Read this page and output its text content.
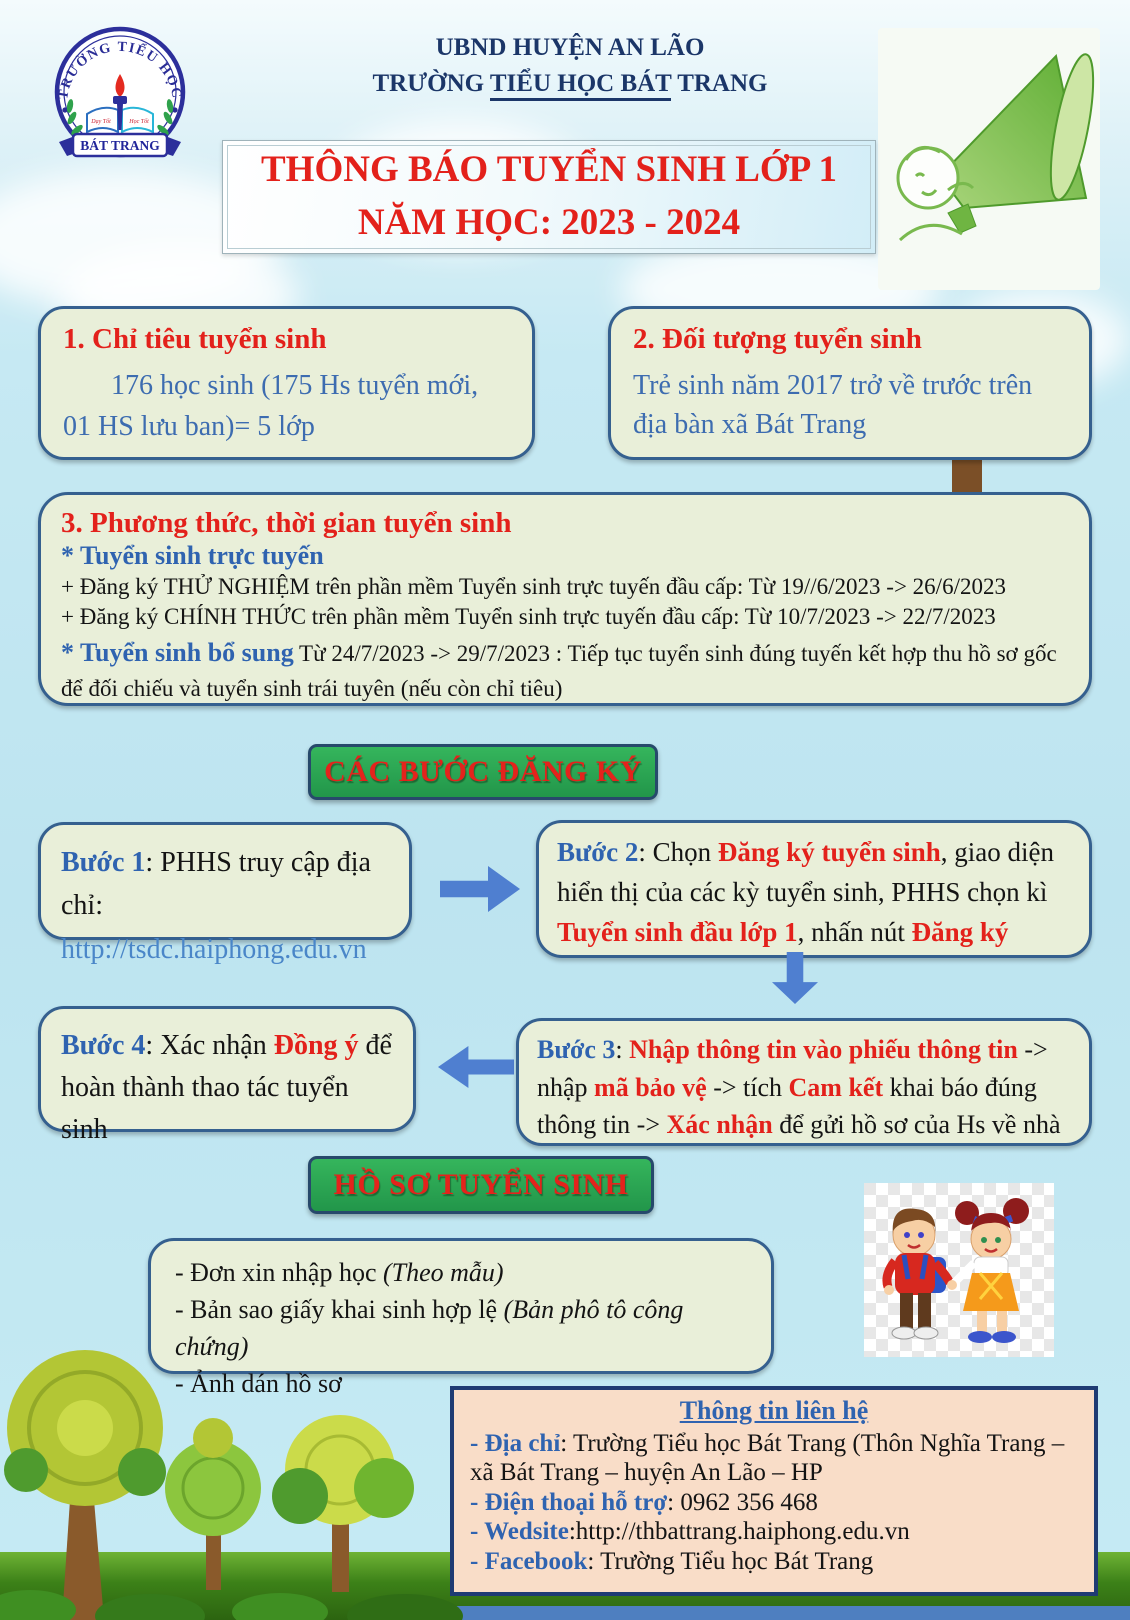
TRƯỜNG TIỂU HỌC
Dạy Tốt	Học Tốt
BÁT TRANG
UBND HUYỆN AN LÃO
TRƯỜNG TIỂU HỌC BÁT TRANG
THÔNG BÁO TUYỂN SINH LỚP 1
NĂM HỌC: 2023 - 2024
1. Chỉ tiêu tuyển sinh
176 học sinh (175 Hs tuyển mới,
01 HS lưu ban)= 5 lớp
2. Đối tượng tuyển sinh
Trẻ sinh năm 2017 trở về trước trên địa bàn xã Bát Trang
3. Phương thức, thời gian tuyển sinh
* Tuyển sinh trực tuyến
+ Đăng ký THỬ NGHIỆM trên phần mềm Tuyển sinh trực tuyến đầu cấp: Từ 19//6/2023 -> 26/6/2023
+ Đăng ký CHÍNH THỨC trên phần mềm Tuyển sinh trực tuyến đầu cấp: Từ 10/7/2023 -> 22/7/2023
* Tuyển sinh bổ sung Từ 24/7/2023 -> 29/7/2023 : Tiếp tục tuyển sinh đúng tuyến kết hợp thu hồ sơ gốc để đối chiếu và tuyển sinh trái tuyên (nếu còn chỉ tiêu)
CÁC BƯỚC ĐĂNG KÝ
Bước 1: PHHS truy cập địa chỉ: http://tsdc.haiphong.edu.vn
Bước 2: Chọn Đăng ký tuyển sinh, giao diện hiển thị của các kỳ tuyển sinh, PHHS chọn kì Tuyển sinh đầu lớp 1, nhấn nút Đăng ký
Bước 4: Xác nhận Đồng ý để hoàn thành thao tác tuyển sinh
Bước 3: Nhập thông tin vào phiếu thông tin -> nhập mã bảo vệ -> tích Cam kết khai báo đúng thông tin -> Xác nhận để gửi hồ sơ của Hs về nhà
HỒ SƠ TUYỂN SINH
- Đơn xin nhập học (Theo mẫu)
- Bản sao giấy khai sinh hợp lệ (Bản phô tô công chứng)
- Ảnh dán hồ sơ
Thông tin liên hệ
- Địa chỉ: Trường Tiểu học Bát Trang (Thôn Nghĩa Trang – xã Bát Trang – huyện An Lão – HP
- Điện thoại hỗ trợ: 0962 356 468
- Wedsite:http://thbattrang.haiphong.edu.vn
- Facebook: Trường Tiểu học Bát Trang
